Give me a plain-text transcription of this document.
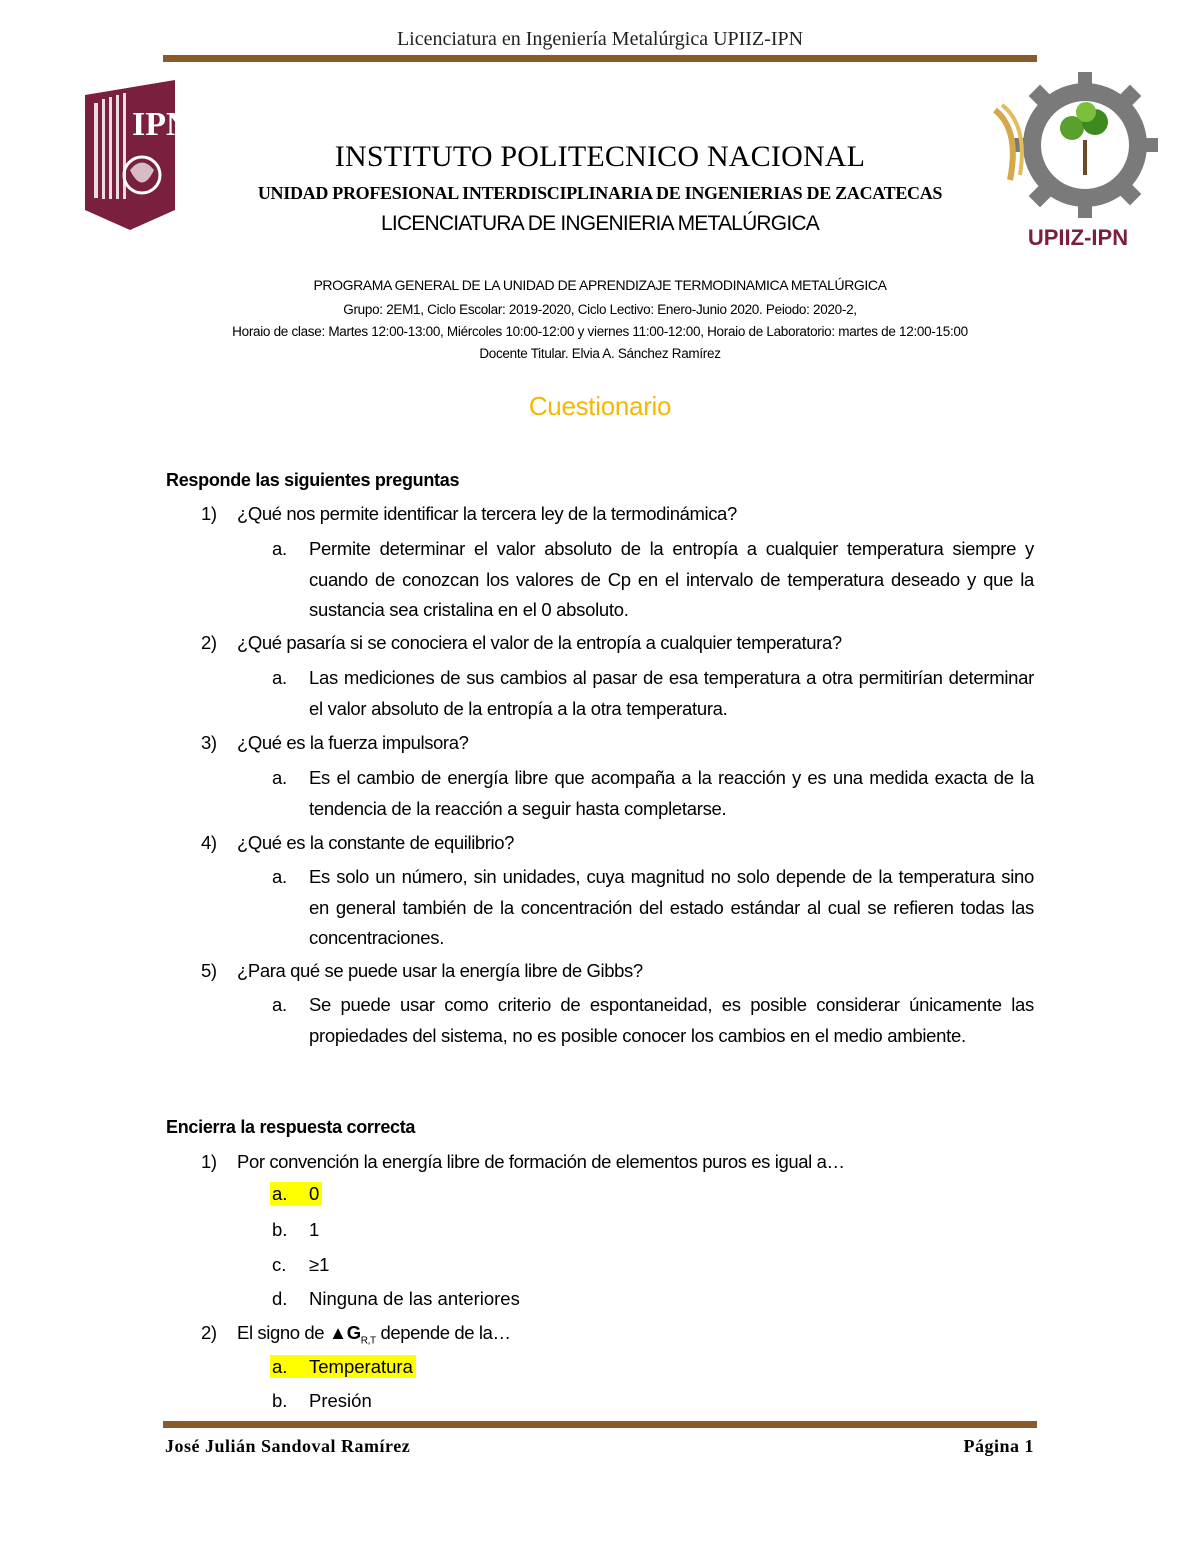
Licenciatura en Ingeniería Metalúrgica UPIIZ-IPN
IPN
UPIIZ-IPN
INSTITUTO POLITECNICO NACIONAL
UNIDAD PROFESIONAL INTERDISCIPLINARIA DE INGENIERIAS DE ZACATECAS
LICENCIATURA DE INGENIERIA METALÚRGICA
PROGRAMA GENERAL DE LA UNIDAD DE APRENDIZAJE TERMODINAMICA METALÚRGICA
Grupo: 2EM1, Ciclo Escolar: 2019-2020, Ciclo Lectivo: Enero-Junio 2020. Peiodo: 2020-2,
Horaio de clase: Martes 12:00-13:00, Miércoles 10:00-12:00 y viernes 11:00-12:00, Horaio de Laboratorio: martes de 12:00-15:00
Docente Titular. Elvia A. Sánchez Ramírez
Cuestionario
Responde las siguientes preguntas
1) ¿Qué nos permite identificar la tercera ley de la termodinámica?
a. Permite determinar el valor absoluto de la entropía a cualquier temperatura siempre y cuando de conozcan los valores de Cp en el intervalo de temperatura deseado y que la sustancia sea cristalina en el 0 absoluto.
2) ¿Qué pasaría si se conociera el valor de la entropía a cualquier temperatura?
a. Las mediciones de sus cambios al pasar de esa temperatura a otra permitirían determinar el valor absoluto de la entropía a la otra temperatura.
3) ¿Qué es la fuerza impulsora?
a. Es el cambio de energía libre que acompaña a la reacción y es una medida exacta de la tendencia de la reacción a seguir hasta completarse.
4) ¿Qué es la constante de equilibrio?
a. Es solo un número, sin unidades, cuya magnitud no solo depende de la temperatura sino en general también de la concentración del estado estándar al cual se refieren todas las concentraciones.
5) ¿Para qué se puede usar la energía libre de Gibbs?
a. Se puede usar como criterio de espontaneidad, es posible considerar únicamente las propiedades del sistema, no es posible conocer los cambios en el medio ambiente.
Encierra la respuesta correcta
1) Por convención la energía libre de formación de elementos puros es igual a…
a. 0
b. 1
c. ≥1
d. Ninguna de las anteriores
2) El signo de $▲G_{R,T}$ depende de la…
a. Temperatura
b. Presión
José Julián Sandoval Ramírez	Página 1
